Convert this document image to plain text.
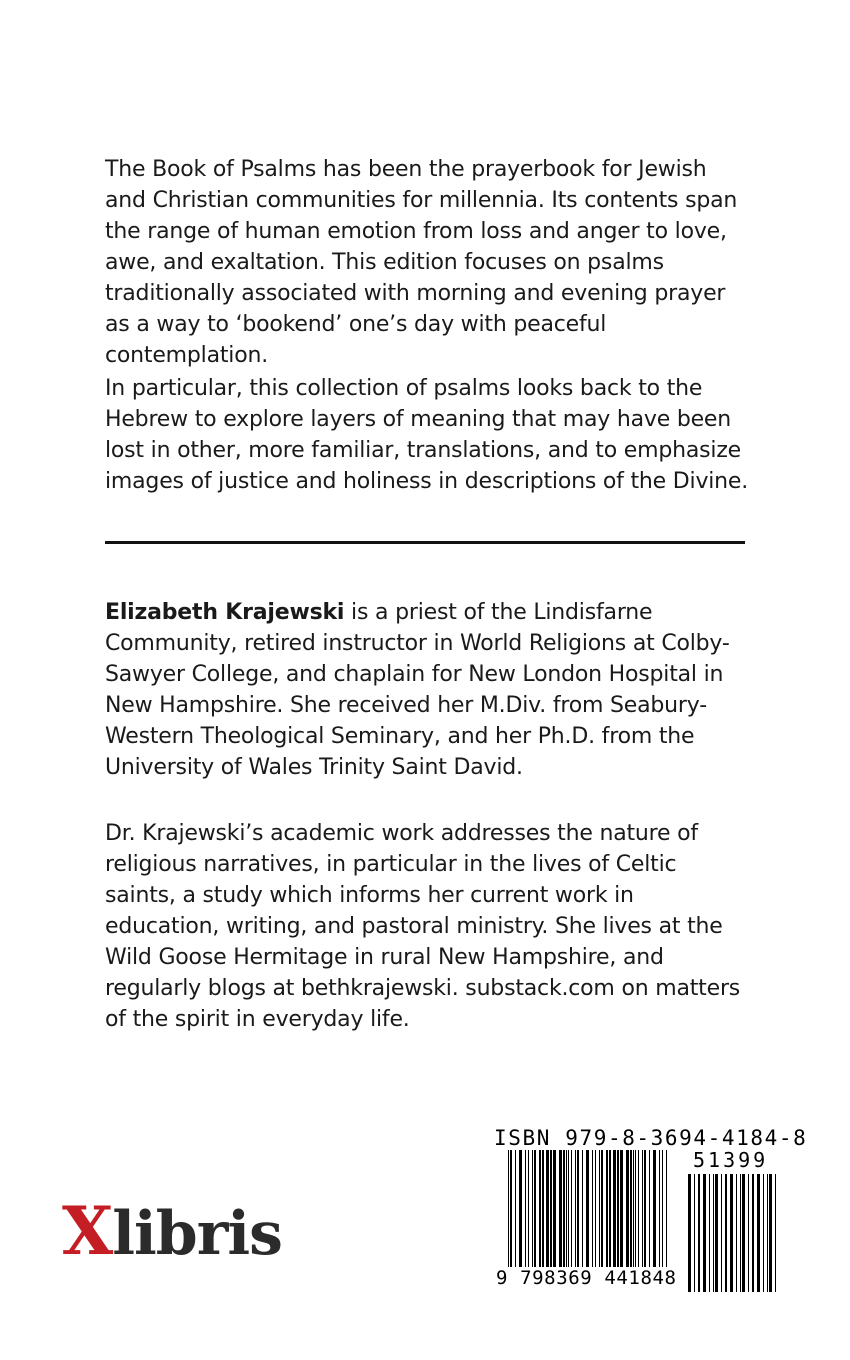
The Book of Psalms has been the prayerbook for Jewish and Christian communities for millennia. Its contents span the range of human emotion from loss and anger to love, awe, and exaltation. This edition focuses on psalms traditionally associated with morning and evening prayer as a way to ‘bookend’ one’s day with peaceful contemplation.

In particular, this collection of psalms looks back to the Hebrew to explore layers of meaning that may have been lost in other, more familiar, translations, and to emphasize images of justice and holiness in descriptions of the Divine.

Elizabeth Krajewski is a priest of the Lindisfarne Community, retired instructor in World Religions at Colby-Sawyer College, and chaplain for New London Hospital in New Hampshire. She received her M.Div. from Seabury-Western Theological Seminary, and her Ph.D. from the University of Wales Trinity Saint David.

Dr. Krajewski’s academic work addresses the nature of religious narratives, in particular in the lives of Celtic saints, a study which informs her current work in education, writing, and pastoral ministry. She lives at the Wild Goose Hermitage in rural New Hampshire, and regularly blogs at bethkrajewski. substack.com on matters of the spirit in everyday life.

Xlibris
ISBN 979-8-3694-4184-8
51399
9 798369 441848
